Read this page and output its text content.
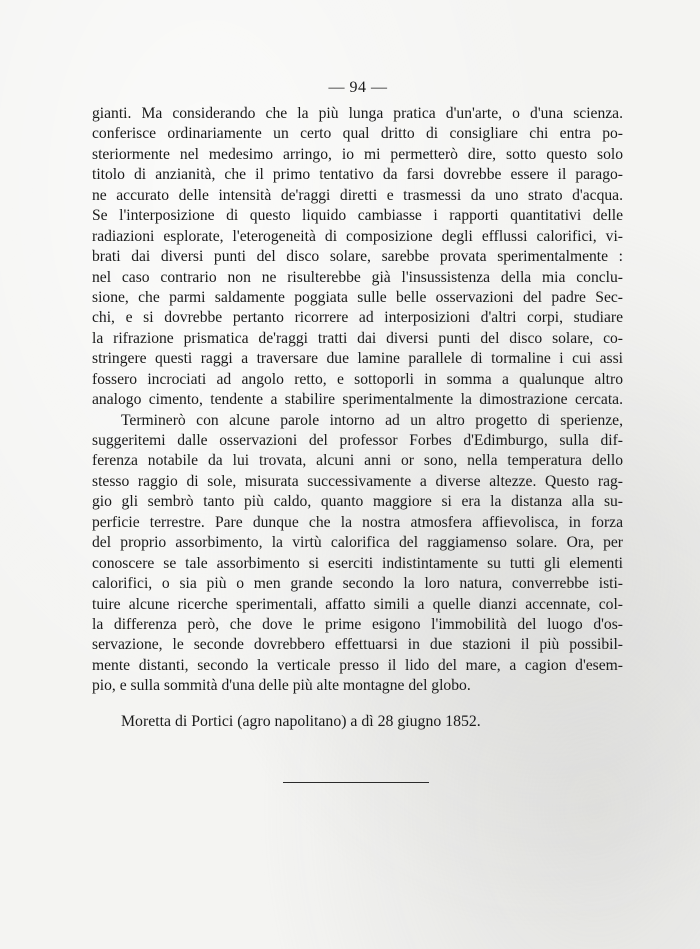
— 94 —
gianti. Ma considerando che la più lunga pratica d'un'arte, o d'una scienza.
conferisce ordinariamente un certo qual dritto di consigliare chi entra po-
steriormente nel medesimo arringo, io mi permetterò dire, sotto questo solo
titolo di anzianità, che il primo tentativo da farsi dovrebbe essere il parago-
ne accurato delle intensità de'raggi diretti e trasmessi da uno strato d'acqua.
Se l'interposizione di questo liquido cambiasse i rapporti quantitativi delle
radiazioni esplorate, l'eterogeneità di composizione degli efflussi calorifici, vi-
brati dai diversi punti del disco solare, sarebbe provata sperimentalmente :
nel caso contrario non ne risulterebbe già l'insussistenza della mia conclu-
sione, che parmi saldamente poggiata sulle belle osservazioni del padre Sec-
chi, e si dovrebbe pertanto ricorrere ad interposizioni d'altri corpi, studiare
la rifrazione prismatica de'raggi tratti dai diversi punti del disco solare, co-
stringere questi raggi a traversare due lamine parallele di tormaline i cui assi
fossero incrociati ad angolo retto, e sottoporli in somma a qualunque altro
analogo cimento, tendente a stabilire sperimentalmente la dimostrazione cercata.
Terminerò con alcune parole intorno ad un altro progetto di sperienze,
suggeritemi dalle osservazioni del professor Forbes d'Edimburgo, sulla dif-
ferenza notabile da lui trovata, alcuni anni or sono, nella temperatura dello
stesso raggio di sole, misurata successivamente a diverse altezze. Questo rag-
gio gli sembrò tanto più caldo, quanto maggiore si era la distanza alla su-
perficie terrestre. Pare dunque che la nostra atmosfera affievolisca, in forza
del proprio assorbimento, la virtù calorifica del raggiamenso solare. Ora, per
conoscere se tale assorbimento si eserciti indistintamente su tutti gli elementi
calorifici, o sia più o men grande secondo la loro natura, converrebbe isti-
tuire alcune ricerche sperimentali, affatto simili a quelle dianzi accennate, col-
la differenza però, che dove le prime esigono l'immobilità del luogo d'os-
servazione, le seconde dovrebbero effettuarsi in due stazioni il più possibil-
mente distanti, secondo la verticale presso il lido del mare, a cagion d'esem-
pio, e sulla sommità d'una delle più alte montagne del globo.
Moretta di Portici (agro napolitano) a dì 28 giugno 1852.
